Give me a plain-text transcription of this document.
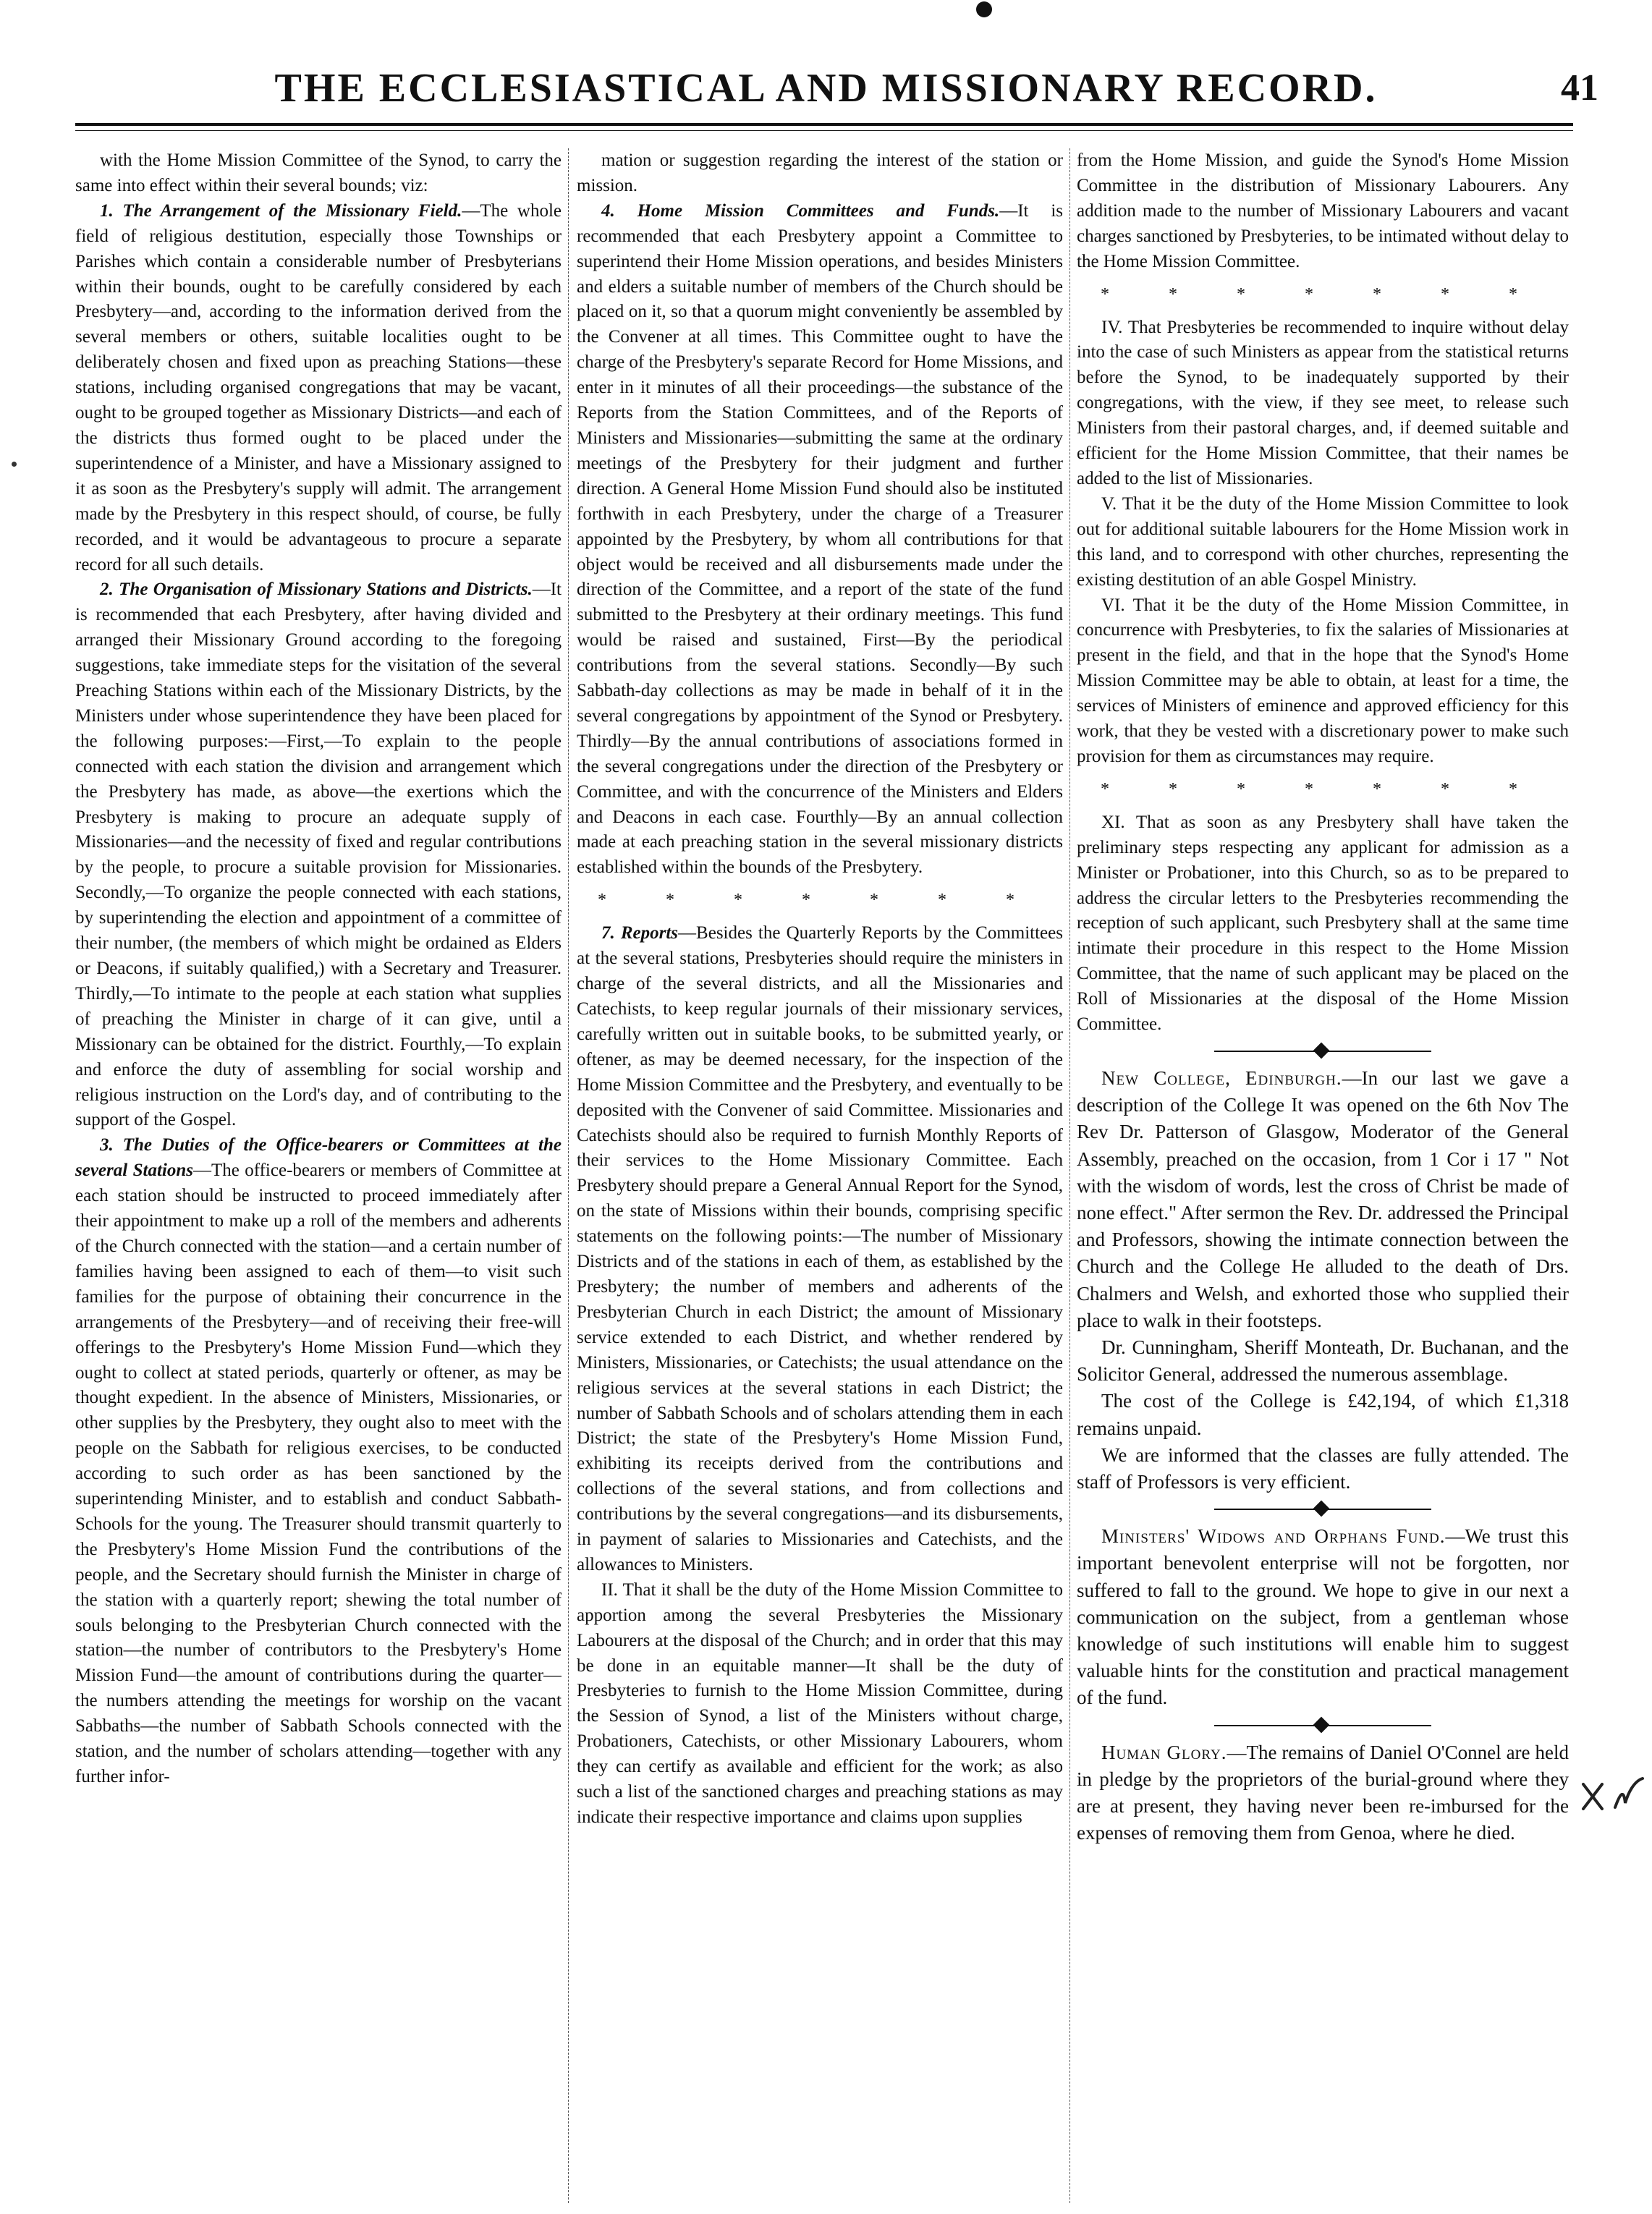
THE ECCLESIASTICAL AND MISSIONARY RECORD.	41

with the Home Mission Committee of the Synod, to carry the same into effect within their several bounds; viz:

1. The Arrangement of the Missionary Field.—The whole field of religious destitution, especially those Townships or Parishes which contain a considerable number of Presbyterians within their bounds, ought to be carefully considered by each Presbytery—and, according to the information derived from the several members or others, suitable localities ought to be deliberately chosen and fixed upon as preaching Stations—these stations, including organised congregations that may be vacant, ought to be grouped together as Missionary Districts—and each of the districts thus formed ought to be placed under the superintendence of a Minister, and have a Missionary assigned to it as soon as the Presbytery's supply will admit. The arrangement made by the Presbytery in this respect should, of course, be fully recorded, and it would be advantageous to procure a separate record for all such details.

2. The Organisation of Missionary Stations and Districts.—It is recommended that each Presbytery, after having divided and arranged their Missionary Ground according to the foregoing suggestions, take immediate steps for the visitation of the several Preaching Stations within each of the Missionary Districts, by the Ministers under whose superintendence they have been placed for the following purposes:—First,—To explain to the people connected with each station the division and arrangement which the Presbytery has made, as above—the exertions which the Presbytery is making to procure an adequate supply of Missionaries—and the necessity of fixed and regular contributions by the people, to procure a suitable provision for Missionaries. Secondly,—To organize the people connected with each stations, by superintending the election and appointment of a committee of their number, (the members of which might be ordained as Elders or Deacons, if suitably qualified,) with a Secretary and Treasurer. Thirdly,—To intimate to the people at each station what supplies of preaching the Minister in charge of it can give, until a Missionary can be obtained for the district. Fourthly,—To explain and enforce the duty of assembling for social worship and religious instruction on the Lord's day, and of contributing to the support of the Gospel.

3. The Duties of the Office-bearers or Committees at the several Stations—The office-bearers or members of Committee at each station should be instructed to proceed immediately after their appointment to make up a roll of the members and adherents of the Church connected with the station—and a certain number of families having been assigned to each of them—to visit such families for the purpose of obtaining their concurrence in the arrangements of the Presbytery—and of receiving their free-will offerings to the Presbytery's Home Mission Fund—which they ought to collect at stated periods, quarterly or oftener, as may be thought expedient. In the absence of Ministers, Missionaries, or other supplies by the Presbytery, they ought also to meet with the people on the Sabbath for religious exercises, to be conducted according to such order as has been sanctioned by the superintending Minister, and to establish and conduct Sabbath-Schools for the young. The Treasurer should transmit quarterly to the Presbytery's Home Mission Fund the contributions of the people, and the Secretary should furnish the Minister in charge of the station with a quarterly report; shewing the total number of souls belonging to the Presbyterian Church connected with the station—the number of contributors to the Presbytery's Home Mission Fund—the amount of contributions during the quarter—the numbers attending the meetings for worship on the vacant Sabbaths—the number of Sabbath Schools connected with the station, and the number of scholars attending—together with any further infor-

mation or suggestion regarding the interest of the station or mission.

4. Home Mission Committees and Funds.—It is recommended that each Presbytery appoint a Committee to superintend their Home Mission operations, and besides Ministers and elders a suitable number of members of the Church should be placed on it, so that a quorum might conveniently be assembled by the Convener at all times. This Committee ought to have the charge of the Presbytery's separate Record for Home Missions, and enter in it minutes of all their proceedings—the substance of the Reports from the Station Committees, and of the Reports of Ministers and Missionaries—submitting the same at the ordinary meetings of the Presbytery for their judgment and further direction. A General Home Mission Fund should also be instituted forthwith in each Presbytery, under the charge of a Treasurer appointed by the Presbytery, by whom all contributions for that object would be received and all disbursements made under the direction of the Committee, and a report of the state of the fund submitted to the Presbytery at their ordinary meetings. This fund would be raised and sustained, First—By the periodical contributions from the several stations. Secondly—By such Sabbath-day collections as may be made in behalf of it in the several congregations by appointment of the Synod or Presbytery. Thirdly—By the annual contributions of associations formed in the several congregations under the direction of the Presbytery or Committee, and with the concurrence of the Ministers and Elders and Deacons in each case. Fourthly—By an annual collection made at each preaching station in the several missionary districts established within the bounds of the Presbytery.

* * * * * * *

7. Reports—Besides the Quarterly Reports by the Committees at the several stations, Presbyteries should require the ministers in charge of the several districts, and all the Missionaries and Catechists, to keep regular journals of their missionary services, carefully written out in suitable books, to be submitted yearly, or oftener, as may be deemed necessary, for the inspection of the Home Mission Committee and the Presbytery, and eventually to be deposited with the Convener of said Committee. Missionaries and Catechists should also be required to furnish Monthly Reports of their services to the Home Missionary Committee. Each Presbytery should prepare a General Annual Report for the Synod, on the state of Missions within their bounds, comprising specific statements on the following points:—The number of Missionary Districts and of the stations in each of them, as established by the Presbytery; the number of members and adherents of the Presbyterian Church in each District; the amount of Missionary service extended to each District, and whether rendered by Ministers, Missionaries, or Catechists; the usual attendance on the religious services at the several stations in each District; the number of Sabbath Schools and of scholars attending them in each District; the state of the Presbytery's Home Mission Fund, exhibiting its receipts derived from the contributions and collections of the several stations, and from collections and contributions by the several congregations—and its disbursements, in payment of salaries to Missionaries and Catechists, and the allowances to Ministers.

II. That it shall be the duty of the Home Mission Committee to apportion among the several Presbyteries the Missionary Labourers at the disposal of the Church; and in order that this may be done in an equitable manner—It shall be the duty of Presbyteries to furnish to the Home Mission Committee, during the Session of Synod, a list of the Ministers without charge, Probationers, Catechists, or other Missionary Labourers, whom they can certify as available and efficient for the work; as also such a list of the sanctioned charges and preaching stations as may indicate their respective importance and claims upon supplies

from the Home Mission, and guide the Synod's Home Mission Committee in the distribution of Missionary Labourers. Any addition made to the number of Missionary Labourers and vacant charges sanctioned by Presbyteries, to be intimated without delay to the Home Mission Committee.

* * * * * * *

IV. That Presbyteries be recommended to inquire without delay into the case of such Ministers as appear from the statistical returns before the Synod, to be inadequately supported by their congregations, with the view, if they see meet, to release such Ministers from their pastoral charges, and, if deemed suitable and efficient for the Home Mission Committee, that their names be added to the list of Missionaries.

V. That it be the duty of the Home Mission Committee to look out for additional suitable labourers for the Home Mission work in this land, and to correspond with other churches, representing the existing destitution of an able Gospel Ministry.

VI. That it be the duty of the Home Mission Committee, in concurrence with Presbyteries, to fix the salaries of Missionaries at present in the field, and that in the hope that the Synod's Home Mission Committee may be able to obtain, at least for a time, the services of Ministers of eminence and approved efficiency for this work, that they be vested with a discretionary power to make such provision for them as circumstances may require.

* * * * * * *

XI. That as soon as any Presbytery shall have taken the preliminary steps respecting any applicant for admission as a Minister or Probationer, into this Church, so as to be prepared to address the circular letters to the Presbyteries recommending the reception of such applicant, such Presbytery shall at the same time intimate their procedure in this respect to the Home Mission Committee, that the name of such applicant may be placed on the Roll of Missionaries at the disposal of the Home Mission Committee.

New College, Edinburgh.—In our last we gave a description of the College It was opened on the 6th Nov The Rev Dr. Patterson of Glasgow, Moderator of the General Assembly, preached on the occasion, from 1 Cor i 17 " Not with the wisdom of words, lest the cross of Christ be made of none effect." After sermon the Rev. Dr. addressed the Principal and Professors, showing the intimate connection between the Church and the College He alluded to the death of Drs. Chalmers and Welsh, and exhorted those who supplied their place to walk in their footsteps.

Dr. Cunningham, Sheriff Monteath, Dr. Buchanan, and the Solicitor General, addressed the numerous assemblage.

The cost of the College is £42,194, of which £1,318 remains unpaid.

We are informed that the classes are fully attended. The staff of Professors is very efficient.

Ministers' Widows and Orphans Fund.—We trust this important benevolent enterprise will not be forgotten, nor suffered to fall to the ground. We hope to give in our next a communication on the subject, from a gentleman whose knowledge of such institutions will enable him to suggest valuable hints for the constitution and practical management of the fund.

Human Glory.—The remains of Daniel O'Connel are held in pledge by the proprietors of the burial-ground where they are at present, they having never been re-imbursed for the expenses of removing them from Genoa, where he died.
